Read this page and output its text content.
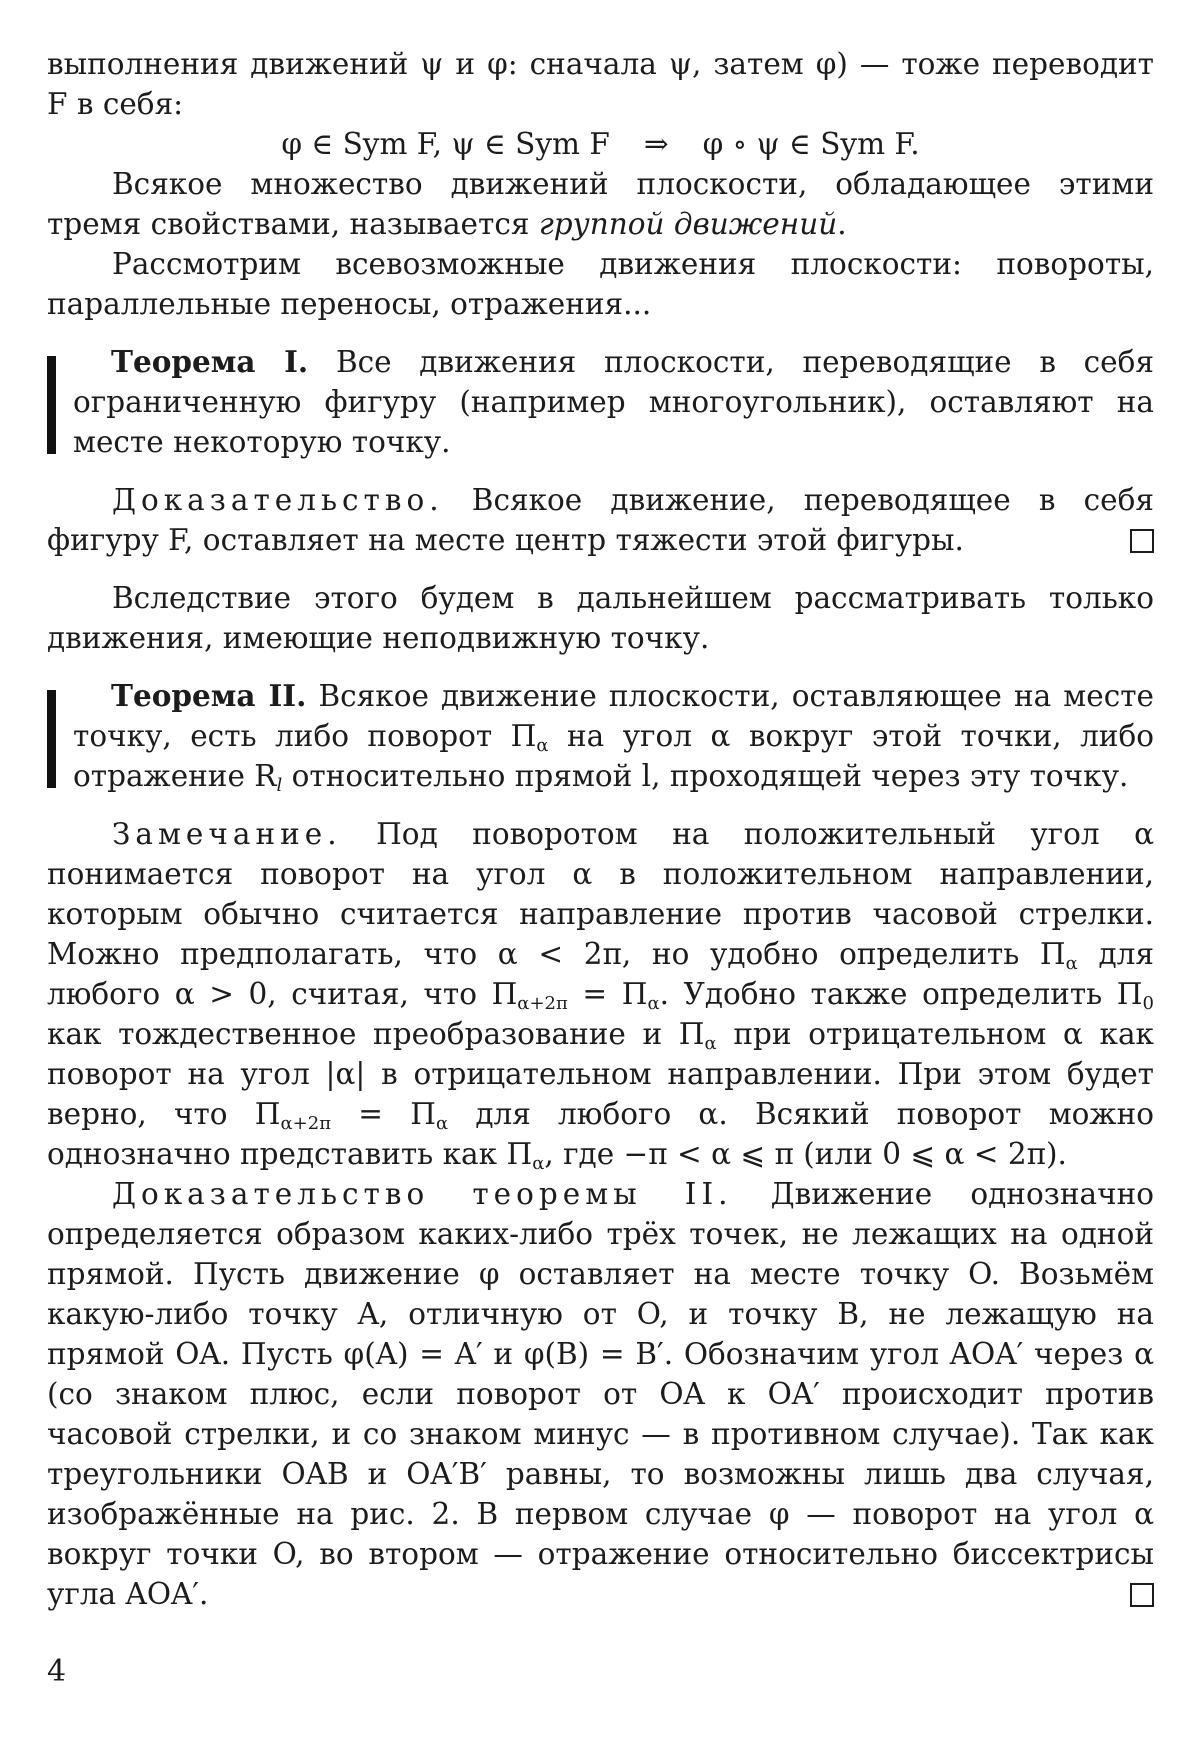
выполнения движений ψ и φ: сначала ψ, затем φ) — тоже переводит F в себя:

φ ∈ Sym F, ψ ∈ Sym F ⇒ φ ∘ ψ ∈ Sym F.

Всякое множество движений плоскости, обладающее этими тремя свойствами, называется группой движений.

Рассмотрим всевозможные движения плоскости: повороты, параллельные переносы, отражения...

Теорема I. Все движения плоскости, переводящие в себя ограниченную фигуру (например многоугольник), оставляют на месте некоторую точку.

Доказательство. Всякое движение, переводящее в себя фигуру F, оставляет на месте центр тяжести этой фигуры.

Вследствие этого будем в дальнейшем рассматривать только движения, имеющие неподвижную точку.

Теорема II. Всякое движение плоскости, оставляющее на месте точку, есть либо поворот Πα на угол α вокруг этой точки, либо отражение Rl относительно прямой l, проходящей через эту точку.

Замечание. Под поворотом на положительный угол α понимается поворот на угол α в положительном направлении, которым обычно считается направление против часовой стрелки. Можно предполагать, что α < 2π, но удобно определить Πα для любого α > 0, считая, что Πα+2π = Πα. Удобно также определить Π0 как тождественное преобразование и Πα при отрицательном α как поворот на угол |α| в отрицательном направлении. При этом будет верно, что Πα+2π = Πα для любого α. Всякий поворот можно однозначно представить как Πα, где −π < α ⩽ π (или 0 ⩽ α < 2π).

Доказательство теоремы II. Движение однозначно определяется образом каких-либо трёх точек, не лежащих на одной прямой. Пусть движение φ оставляет на месте точку O. Возьмём какую-либо точку A, отличную от O, и точку B, не лежащую на прямой OA. Пусть φ(A) = A′ и φ(B) = B′. Обозначим угол AOA′ через α (со знаком плюс, если поворот от OA к OA′ происходит против часовой стрелки, и со знаком минус — в противном случае). Так как треугольники OAB и OA′B′ равны, то возможны лишь два случая, изображённые на рис. 2. В первом случае φ — поворот на угол α вокруг точки O, во втором — отражение относительно биссектрисы угла AOA′.

4
